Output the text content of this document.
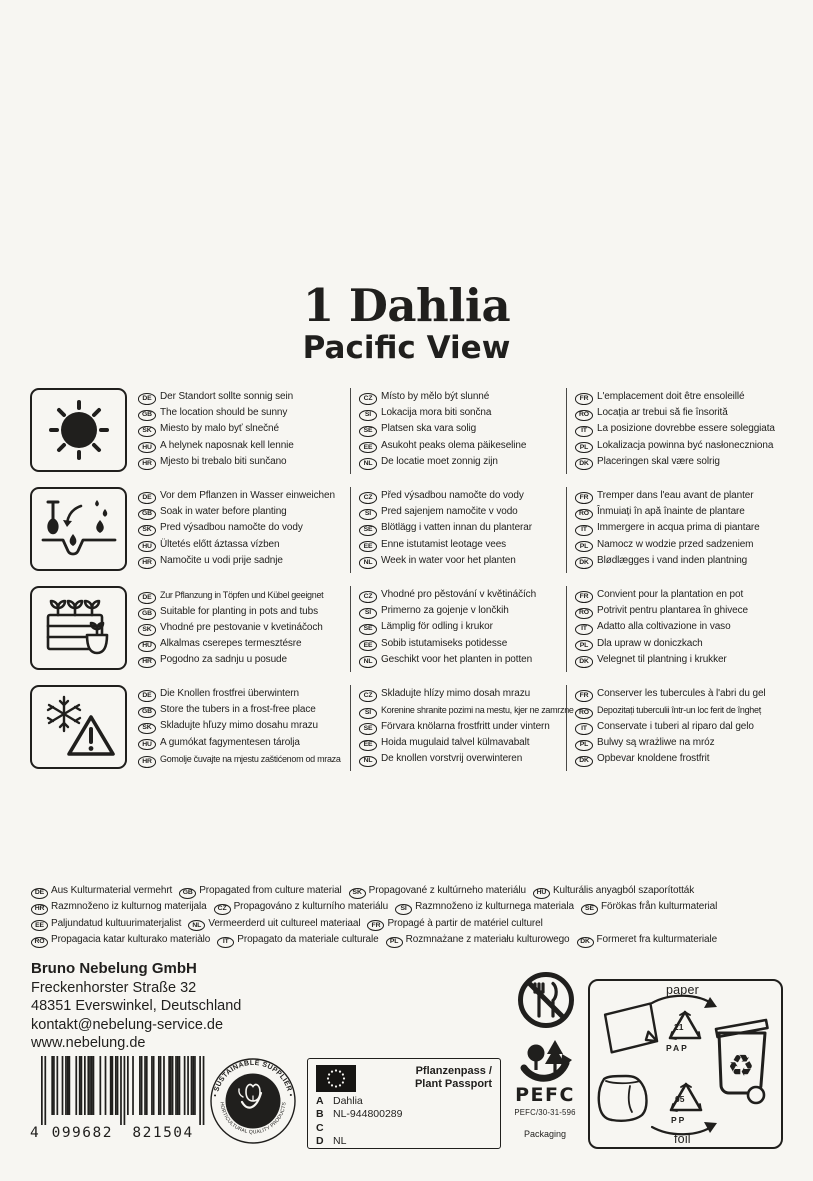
1 Dahlia
Pacific View
DE Der Standort sollte sonnig sein
GB The location should be sunny
SK Miesto by malo byť slnečné
HU A helynek naposnak kell lennie
HR Mjesto bi trebalo biti sunčano
CZ Místo by mělo být slunné
SI Lokacija mora biti sončna
SE Platsen ska vara solig
EE Asukoht peaks olema päikeseline
NL De locatie moet zonnig zijn
FR L'emplacement doit être ensoleillé
RO Locația ar trebui să fie însorită
IT La posizione dovrebbe essere soleggiata
PL Lokalizacja powinna być nasłoneczniona
DK Placeringen skal være solrig
DE Vor dem Pflanzen in Wasser einweichen
GB Soak in water before planting
SK Pred výsadbou namočte do vody
HU Ültetés előtt áztassa vízben
HR Namočite u vodi prije sadnje
CZ Před výsadbou namočte do vody
SI Pred sajenjem namočite v vodo
SE Blötlägg i vatten innan du planterar
EE Enne istutamist leotage vees
NL Week in water voor het planten
FR Tremper dans l'eau avant de planter
RO Înmuiați în apă înainte de plantare
IT Immergere in acqua prima di piantare
PL Namocz w wodzie przed sadzeniem
DK Blødlægges i vand inden plantning
DE Zur Pflanzung in Töpfen und Kübel geeignet
GB Suitable for planting in pots and tubs
SK Vhodné pre pestovanie v kvetináčoch
HU Alkalmas cserepes termesztésre
HR Pogodno za sadnju u posude
CZ Vhodné pro pěstování v květináčích
SI Primerno za gojenje v lončkih
SE Lämplig för odling i krukor
EE Sobib istutamiseks potidesse
NL Geschikt voor het planten in potten
FR Convient pour la plantation en pot
RO Potrivit pentru plantarea în ghivece
IT Adatto alla coltivazione in vaso
PL Dla upraw w doniczkach
DK Velegnet til plantning i krukker
DE Die Knollen frostfrei überwintern
GB Store the tubers in a frost-free place
SK Skladujte hľuzy mimo dosahu mrazu
HU A gumókat fagymentesen tárolja
HR Gomolje čuvajte na mjestu zaštićenom od mraza
CZ Skladujte hlízy mimo dosah mrazu
SI Korenine shranite pozimi na mestu, kjer ne zamrzne
SE Förvara knölarna frostfritt under vintern
EE Hoida mugulaid talvel külmavabalt
NL De knollen vorstvrij overwinteren
FR Conserver les tubercules à l'abri du gel
RO Depozitați tuberculii într-un loc ferit de îngheț
IT Conservate i tuberi al riparo dal gelo
PL Bulwy są wrażliwe na mróz
DK Opbevar knoldene frostfrit
DE Aus Kulturmaterial vermehrt GB Propagated from culture material SK Propagované z kultúrneho materiálu HU Kulturális anyagból szaporították
HR Razmnoženo iz kulturnog materijala CZ Propagováno z kulturního materiálu SI Razmnoženo iz kulturnega materiala SE Förökas från kulturmaterial
EE Paljundatud kultuurimaterjalist NL Vermeerderd uit cultureel materiaal FR Propagé à partir de matériel culturel
RO Propagacia katar kulturako materiàlo IT Propagato da materiale culturale PL Rozmnażane z materiału kulturowego DK Formeret fra kulturmateriale
Bruno Nebelung GmbH
Freckenhorster Straße 32
48351 Everswinkel, Deutschland
kontakt@nebelung-service.de
www.nebelung.de
4 099682 821504
• SUSTAINABLE SUPPLIER •
HORTICULTURAL QUALITY PRODUCTS
Pflanzenpass /
Plant Passport
A Dahlia
B NL-944800289
C
D NL
PEFC
PEFC/30-31-596
Packaging
♻
paper
foil
21
PAP
05
PP
